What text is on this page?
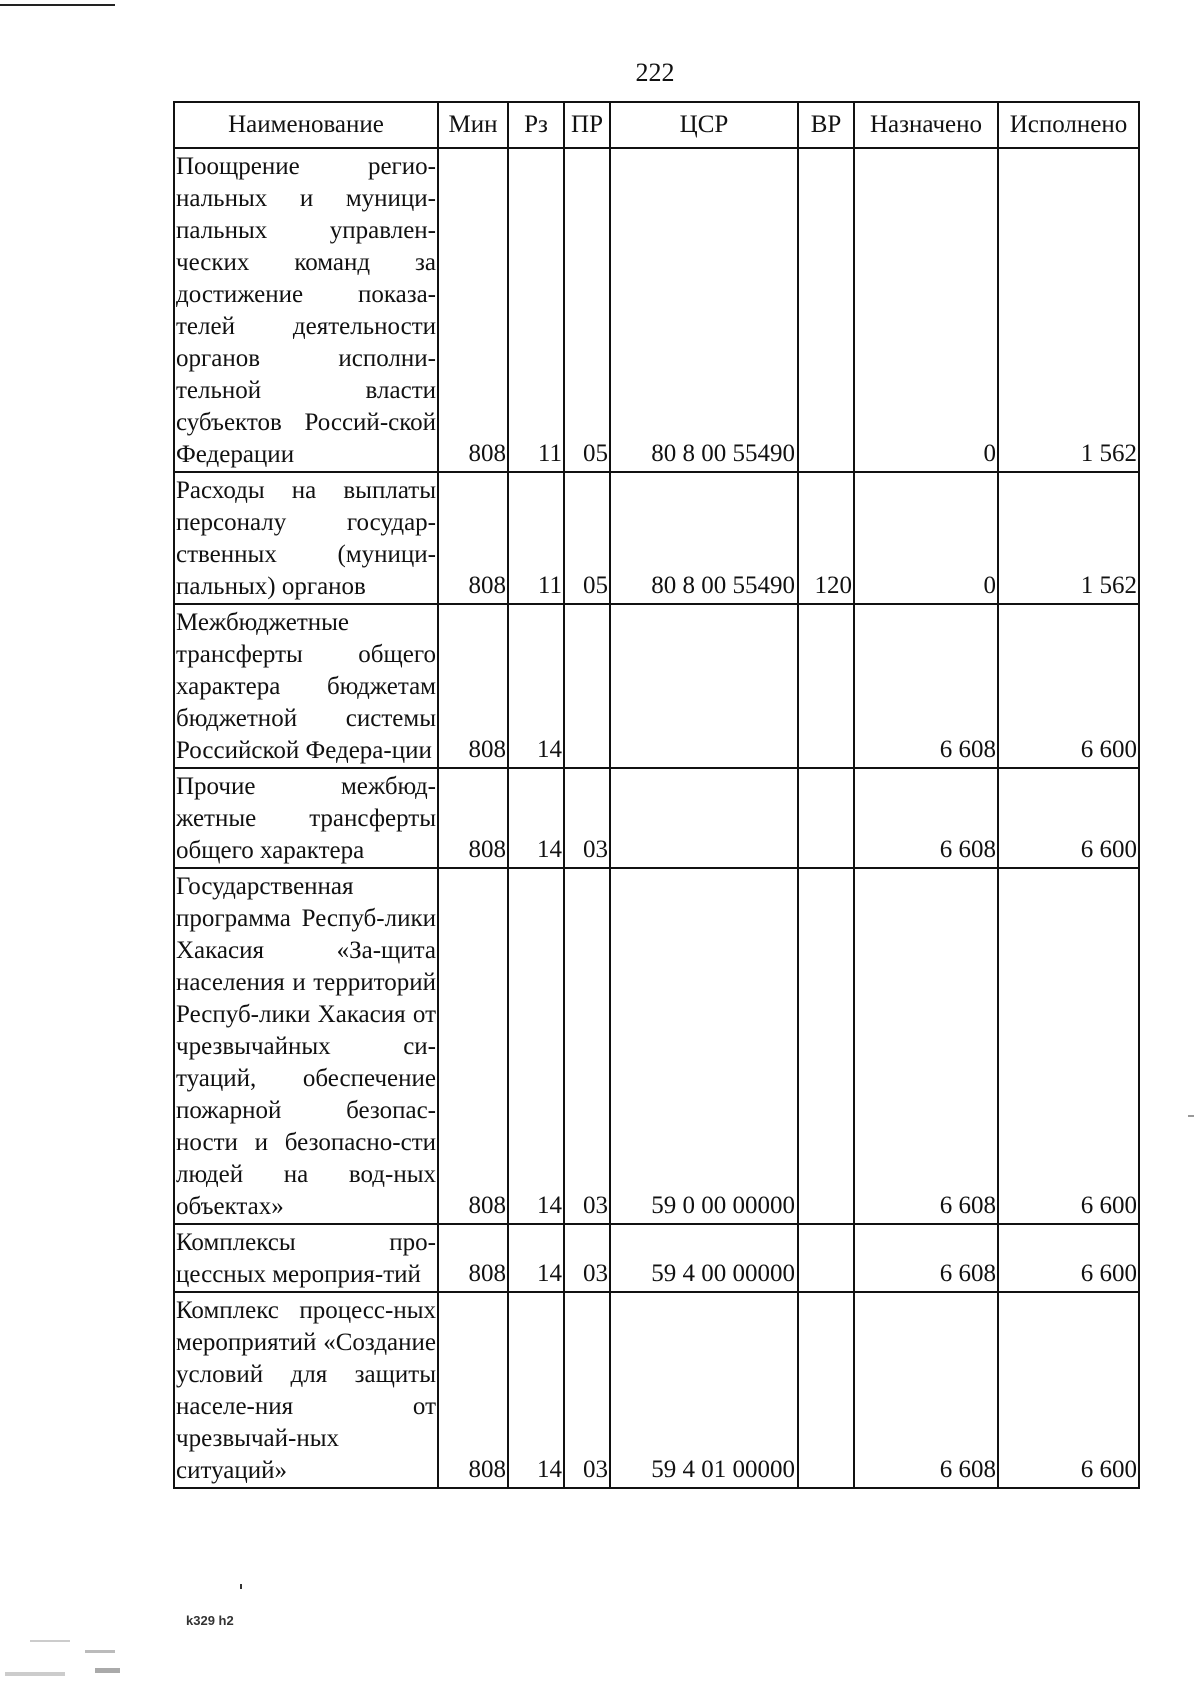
222
Наименование	Мин	Рз	ПР	ЦСР	ВР	Назначено	Исполнено
Поощрение регио-нальных и муници-пальных управлен-ческих команд за достижение показа-телей деятельности органов исполни-тельной власти субъектов Россий-ской Федерации	808	11	05	80 8 00 55490		0	1 562
Расходы на выплаты персоналу государ-ственных (муници-пальных) органов	808	11	05	80 8 00 55490	120	0	1 562
Межбюджетные трансферты общего характера бюджетам бюджетной системы Российской Федера-ции	808	14				6 608	6 600
Прочие межбюд-жетные трансферты общего характера	808	14	03			6 608	6 600
Государственная программа Респуб-лики Хакасия «За-щита населения и территорий Респуб-лики Хакасия от чрезвычайных си-туаций, обеспечение пожарной безопас-ности и безопасно-сти людей на вод-ных объектах»	808	14	03	59 0 00 00000		6 608	6 600
Комплексы про-цессных мероприя-тий	808	14	03	59 4 00 00000		6 608	6 600
Комплекс процесс-ных мероприятий «Создание условий для защиты населе-ния от чрезвычай-ных ситуаций»	808	14	03	59 4 01 00000		6 608	6 600
k329 h2
